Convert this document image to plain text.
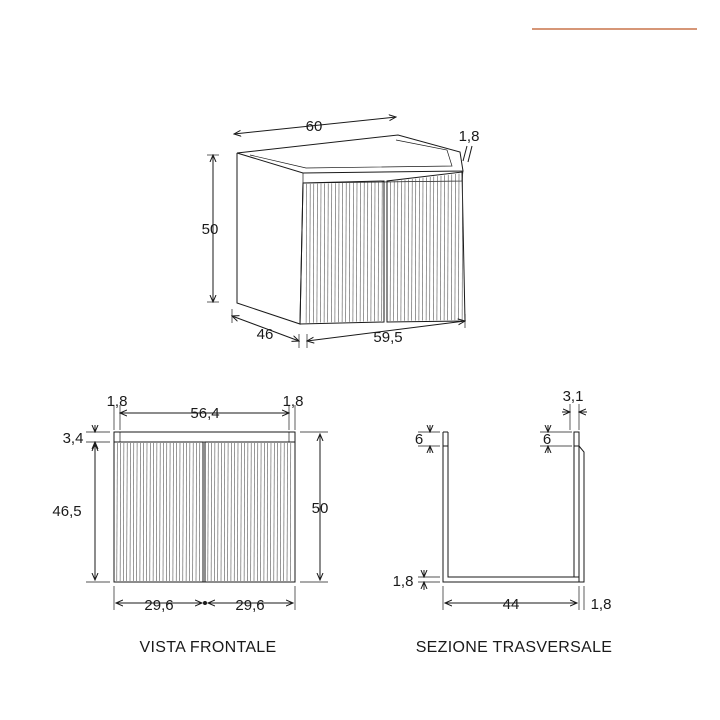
60
1,8
50
46	59,5
1,8
56,4
1,8
3,4
46,5	50
29,6	29,6
VISTA FRONTALE
3,1
6	6
1,8
44	1,8
SEZIONE TRASVERSALE
